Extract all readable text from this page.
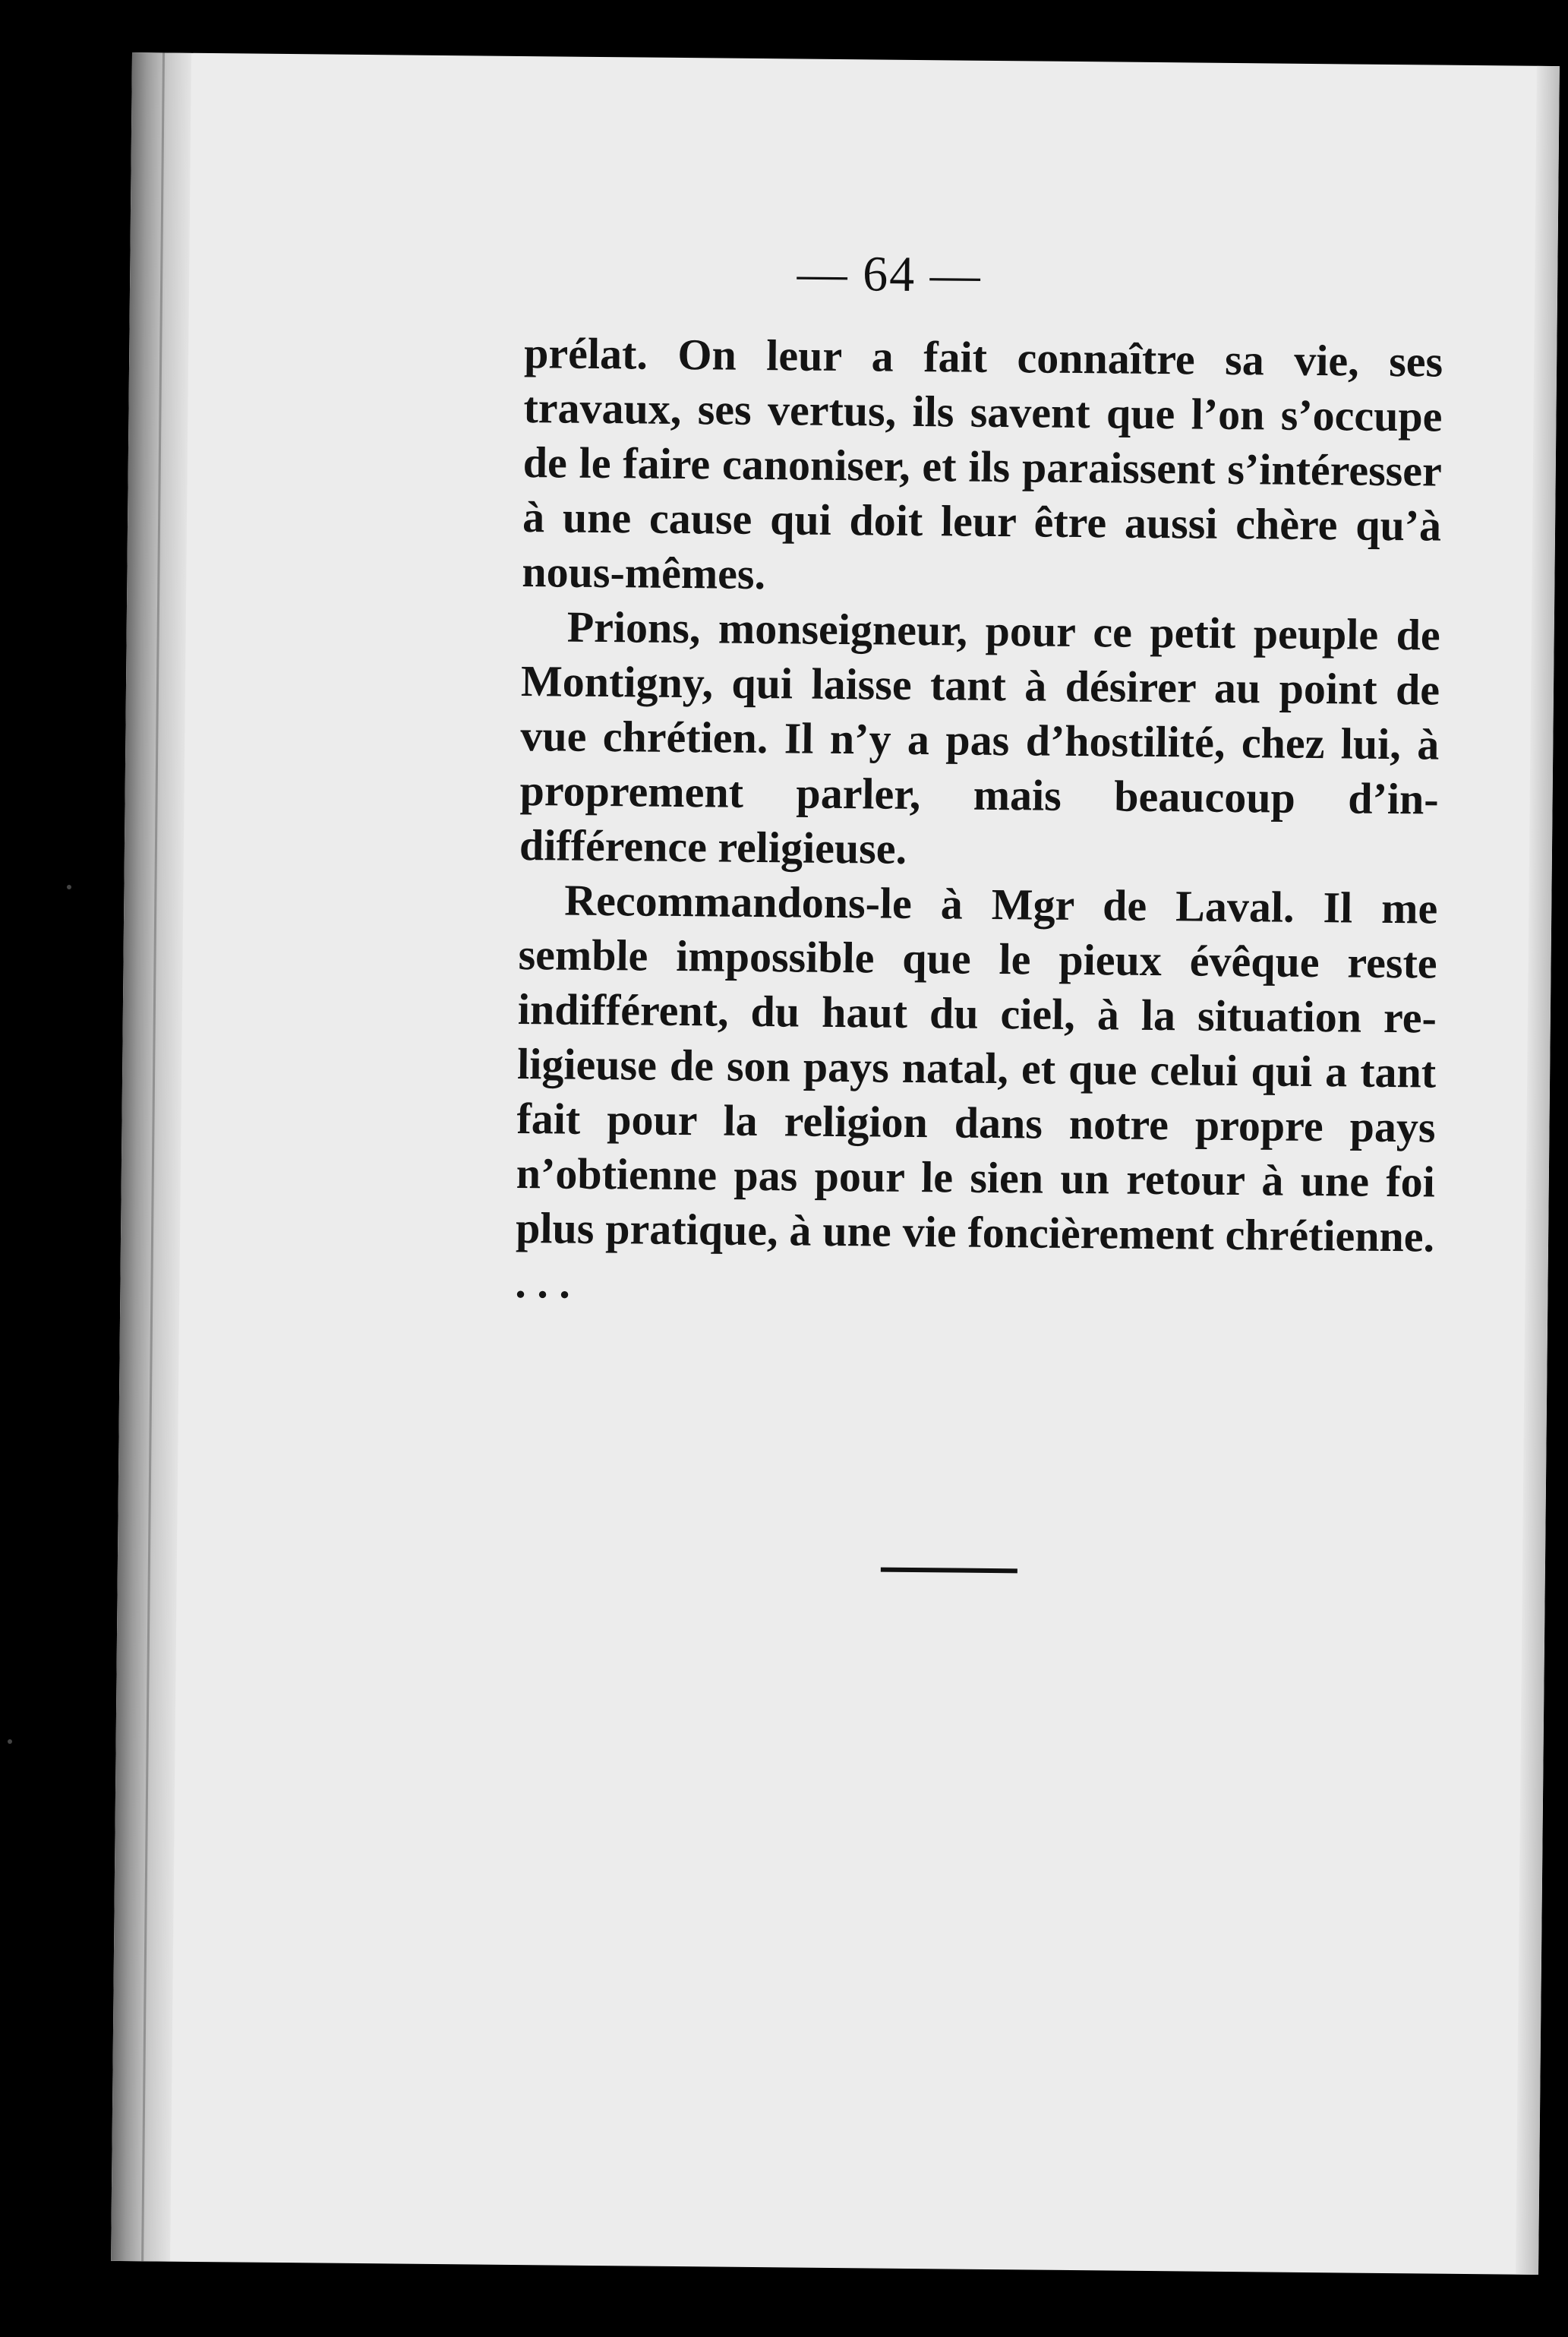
— 64 —

prélat. On leur a fait connaître sa vie, ses travaux, ses vertus, ils savent que l’on s’occupe de le faire canoniser, et ils paraissent s’intéresser à une cause qui doit leur être aussi chère qu’à nous-mêmes.

Prions, monseigneur, pour ce petit peuple de Montigny, qui laisse tant à désirer au point de vue chrétien. Il n’y a pas d’hostilité, chez lui, à proprement parler, mais beaucoup d’indifférence religieuse.

Recommandons-le à Mgr de Laval. Il me semble impossible que le pieux évêque reste indifférent, du haut du ciel, à la situation religieuse de son pays natal, et que celui qui a tant fait pour la religion dans notre propre pays n’obtienne pas pour le sien un retour à une foi plus pratique, à une vie foncièrement chrétienne. . . .
